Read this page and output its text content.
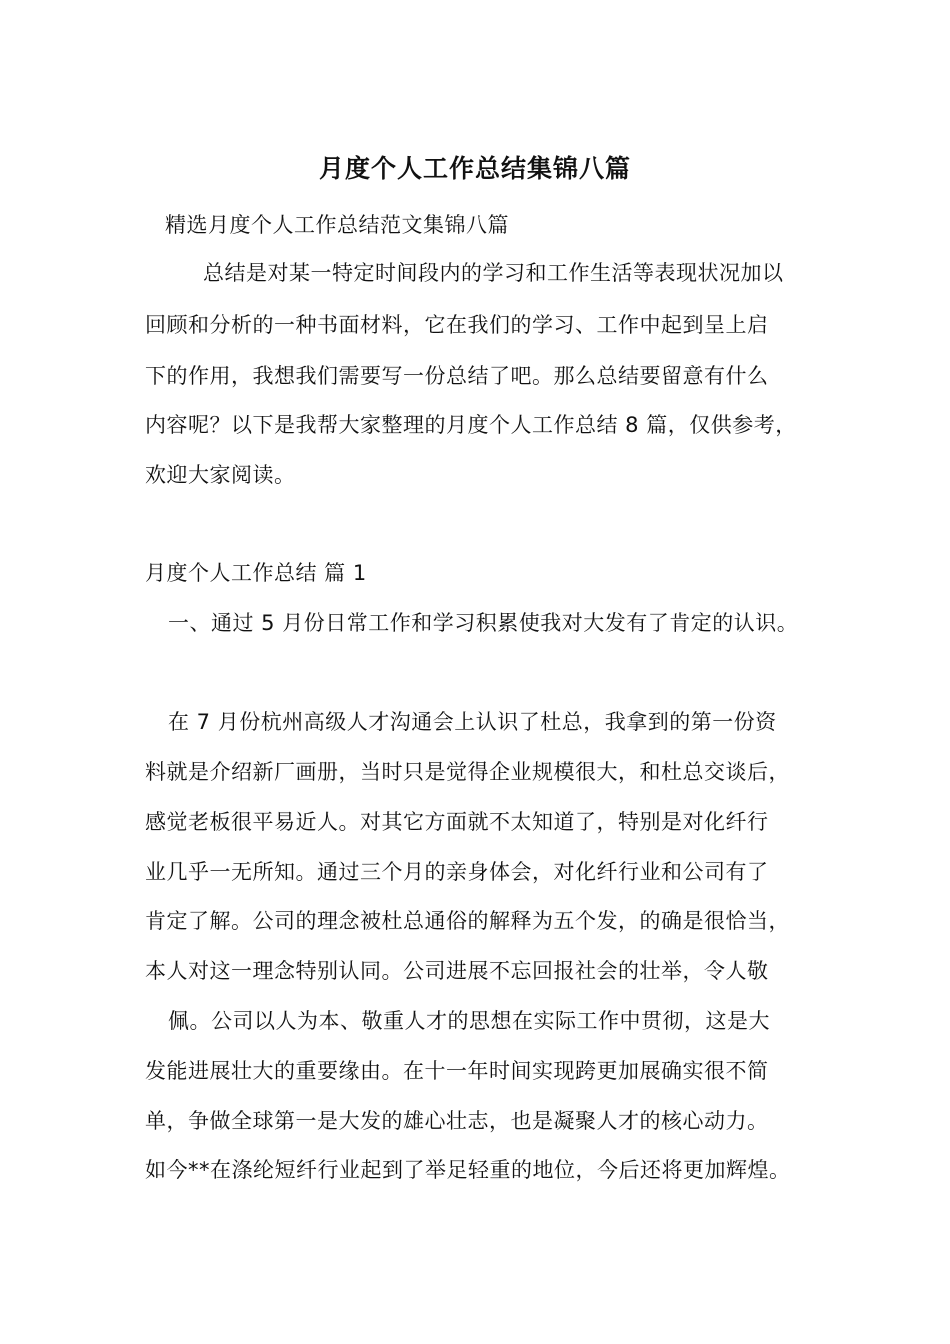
月度个人工作总结集锦八篇
精选月度个人工作总结范文集锦八篇
总结是对某一特定时间段内的学习和工作生活等表现状况加以
回顾和分析的一种书面材料，它在我们的学习、工作中起到呈上启
下的作用，我想我们需要写一份总结了吧。那么总结要留意有什么
内容呢？以下是我帮大家整理的月度个人工作总结 8 篇，仅供参考，
欢迎大家阅读。
月度个人工作总结 篇 1
一、通过 5 月份日常工作和学习积累使我对大发有了肯定的认识。
在 7 月份杭州高级人才沟通会上认识了杜总，我拿到的第一份资
料就是介绍新厂画册，当时只是觉得企业规模很大，和杜总交谈后，
感觉老板很平易近人。对其它方面就不太知道了，特别是对化纤行
业几乎一无所知。通过三个月的亲身体会，对化纤行业和公司有了
肯定了解。公司的理念被杜总通俗的解释为五个发，的确是很恰当，
本人对这一理念特别认同。公司进展不忘回报社会的壮举，令人敬
佩。公司以人为本、敬重人才的思想在实际工作中贯彻，这是大
发能进展壮大的重要缘由。在十一年时间实现跨更加展确实很不简
单，争做全球第一是大发的雄心壮志，也是凝聚人才的核心动力。
如今**在涤纶短纤行业起到了举足轻重的地位，今后还将更加辉煌。
